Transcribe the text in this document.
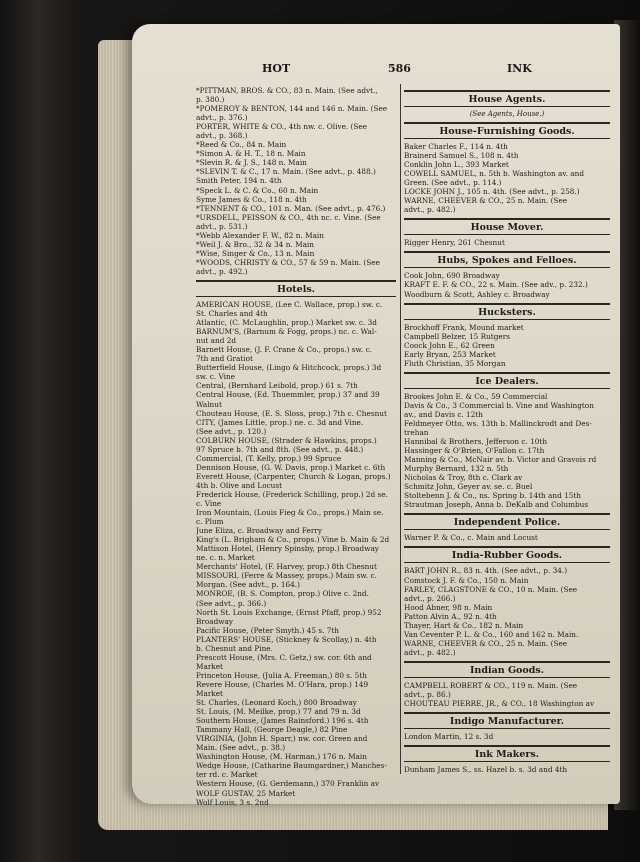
HOT	586	INK
*PITTMAN, BROS. & CO., 83 n. Main. (See advt.,
p. 380.)
*POMEROY & BENTON, 144 and 146 n. Main. (See
advt., p. 376.)
PORTER, WHITE & CO., 4th nw. c. Olive. (See
advt., p. 368.)
*Reed & Co., 84 n. Main
*Simon A. & H. T., 18 n. Main
*Slevin R. & J. S., 148 n. Main
*SLEVIN T. & C., 17 n. Main. (See advt., p. 488.)
Smith Peter, 194 n. 4th
*Speck L. & C. & Co., 60 n. Main
Syme James & Co., 118 n. 4th
*TENNENT & CO., 101 n. Man. (See advt., p. 476.)
*URSDELL, PEISSON & CO., 4th nc. c. Vine. (See
advt., p. 531.)
*Webb Alexander F. W., 82 n. Main
*Weil J. & Bro., 32 & 34 n. Main
*Wise, Singer & Co., 13 n. Main
*WOODS, CHRISTY & CO., 57 & 59 n. Main. (See
advt., p. 492.)
Hotels.
AMERICAN HOUSE, (Lee C. Wallace, prop.) sw. c.
St. Charles and 4th
Atlantic, (C. McLaughlin, prop.) Market sw. c. 3d
BARNUM'S, (Barnum & Fogg, props.) nc. c. Wal-
nut and 2d
Barnett House, (J. F. Crane & Co., props.) sw. c.
7th and Gratiot
Butterfield House, (Lingo & Hitchcock, props.) 3d
sw. c. Vine
Central, (Bernhard Leibold, prop.) 61 s. 7th
Central House, (Ed. Thuemmler, prop.) 37 and 39
Walnut
Chouteau House, (E. S. Sloss, prop.) 7th c. Chesnut
CITY, (James Little, prop.) ne. c. 3d and Vine.
(See advt., p. 120.)
COLBURN HOUSE, (Strader & Hawkins, props.)
97 Spruce b. 7th and 8th. (See advt., p. 448.)
Commercial, (T. Kelly, prop.) 99 Spruce
Dennison House, (G. W. Davis, prop.) Market c. 6th
Everett House, (Carpenter, Church & Logan, props.)
4th b. Olive and Locust
Frederick House, (Frederick Schilling, prop.) 2d se.
c. Vine
Iron Mountain, (Louis Fieg & Co., props.) Main se.
c. Plum
June Eliza, c. Broadway and Ferry
King's (L. Brigham & Co., props.) Vine b. Main & 2d
Mattison Hotel, (Henry Spinsby, prop.) Broadway
ne. c. n. Market
Merchants' Hotel, (F. Harvey, prop.) 8th Chesnut
MISSOURI, (Ferre & Massey, props.) Main sw. c.
Morgan. (See advt., p. 164.)
MONROE, (B. S. Compton, prop.) Olive c. 2nd.
(See advt., p. 366.)
North St. Louis Exchange, (Ernst Pfaff, prop.) 952
Broadway
Pacific House, (Peter Smyth.) 45 s. 7th
PLANTERS' HOUSE, (Stickney & Scollay,) n. 4th
b. Chesnut and Pine.
Prescott House, (Mrs. C. Getz,) sw. cor. 6th and
Market
Princeton House, (Julia A. Freeman,) 80 s. 5th
Revere House, (Charles M. O'Hara, prop.) 149
Market
St. Charles, (Leonard Koch,) 800 Broadway
St. Louis, (M. Meilke, prop.) 77 and 79 n. 3d
Southern House, (James Rainsford.) 196 s. 4th
Tammany Hall, (George Deagle,) 82 Pine
VIRGINIA, (John H. Sparr,) nw. cor. Green and
Main. (See advt., p. 38.)
Washington House, (M. Harman,) 176 n. Main
Wedge House, (Catharine Baumgardner,) Manches-
ter rd. c. Market
Western House, (G. Gerdemann,) 370 Franklin av
WOLF GUSTAV, 25 Market
Wolf Louis, 3 s. 2nd
House Agents.
(See Agents, House.)
House-Furnishing Goods.
Baker Charles F., 114 n. 4th
Brainerd Samuel S., 108 n. 4th
Conklin John L., 393 Market
COWELL SAMUEL, n. 5th b. Washington av. and
Green. (See advt., p. 114.)
LOCKE JOHN J., 105 n. 4th. (See advt., p. 258.)
WARNE, CHEEVER & CO., 25 n. Main. (See
advt., p. 482.)
House Mover.
Rigger Henry, 261 Chesnut
Hubs, Spokes and Felloes.
Cook John, 690 Broadway
KRAFT E. F. & CO., 22 s. Main. (See adv., p. 232.)
Woodburn & Scott, Ashley c. Broadway
Hucksters.
Brockhoff Frank, Mound market
Campbell Belzer, 15 Rutgers
Coock John E., 62 Green
Early Bryan, 253 Market
Fluth Christian, 35 Morgan
Ice Dealers.
Brookes John E. & Co., 59 Commercial
Davis & Co., 3 Commercial b. Vine and Washington
av., and Davis c. 12th
Feldmeyer Otto, ws. 13th b. Mallinckrodt and Des-
trehan
Hannibal & Brothers, Jefferson c. 10th
Hassinger & O'Brien, O'Fallon c. 17th
Manning & Co., McNair av. b. Victor and Gravois rd
Murphy Bernard, 132 n. 5th
Nicholas & Troy, 8th c. Clark av
Schmitz John, Geyer av. se. c. Buel
Stoltebenn J. & Co., ns. Spring b. 14th and 15th
Strautman Joseph, Anna b. DeKalb and Columbus
Independent Police.
Warner P. & Co., c. Main and Locust
India-Rubber Goods.
BART JOHN R., 83 n. 4th. (See advt., p. 34.)
Comstock J. F. & Co., 150 n. Main
FARLEY, CLAGSTONE & CO., 10 n. Main. (See
advt., p. 266.)
Hood Abner, 98 n. Main
Patton Alvin A., 92 n. 4th
Thayer, Hart & Co., 182 n. Main
Van Ceventer P. L. & Co., 160 and 162 n. Main.
WARNE, CHEEVER & CO., 25 n. Main. (See
advt., p. 482.)
Indian Goods.
CAMPBELL ROBERT & CO., 119 n. Main. (See
advt., p. 86.)
CHOUTEAU PIERRE, JR., & CO., 18 Washington av
Indigo Manufacturer.
London Martin, 12 s. 3d
Ink Makers.
Dunham James S., ss. Hazel b. s. 3d and 4th
